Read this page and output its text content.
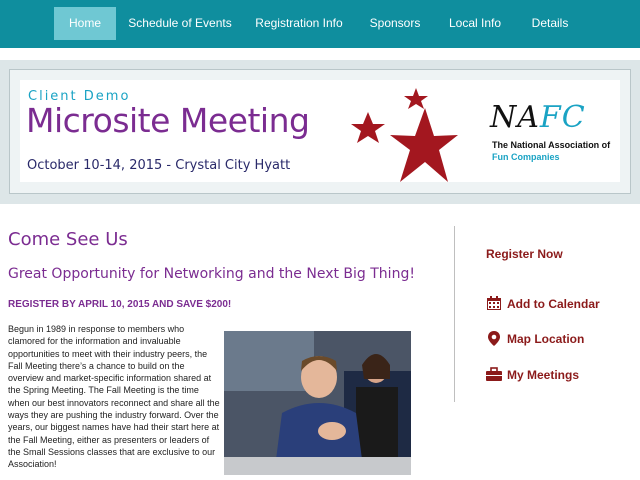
Home	Schedule of Events	Registration Info	Sponsors	Local Info	Details
Client Demo
Microsite Meeting
October 10-14, 2015 - Crystal City Hyatt
NAFC
The National Association of
Fun Companies
Come See Us
Great Opportunity for Networking and the Next Big Thing!
REGISTER BY APRIL 10, 2015 AND SAVE $200!
Begun in 1989 in response to members who clamored for the information and invaluable opportunities to meet with their industry peers, the Fall Meeting there’s a chance to build on the overview and market-specific information shared at the Spring Meeting. The Fall Meeting is the time when our best innovators reconnect and share all the ways they are pushing the industry forward. Over the years, our biggest names have had their start here at the Fall Meeting, either as presenters or leaders of the Small Sessions classes that are exclusive to our Association!
Register Now
Add to Calendar
Map Location
My Meetings
